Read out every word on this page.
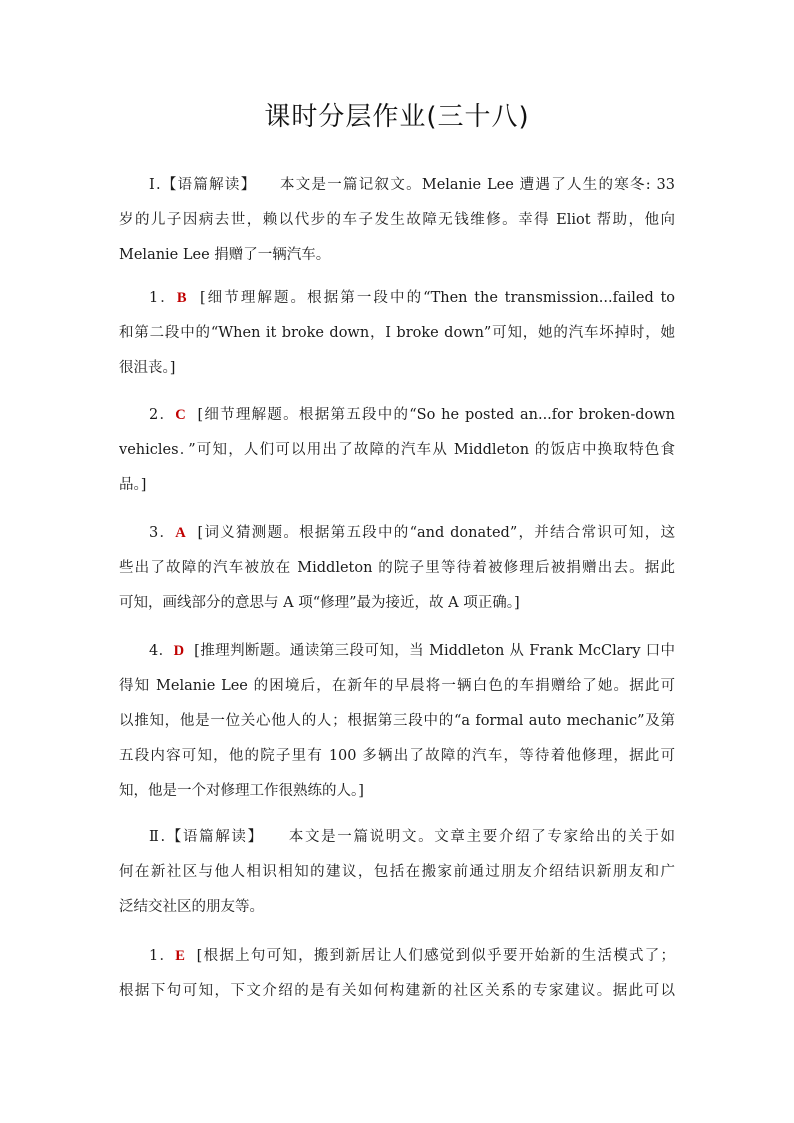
课时分层作业(三十八)
Ⅰ.【语篇解读】 本文是一篇记叙文。Melanie Lee 遭遇了人生的寒冬: 33
岁的儿子因病去世，赖以代步的车子发生故障无钱维修。幸得 Eliot 帮助，他向
Melanie Lee 捐赠了一辆汽车。
1．B [细节理解题。根据第一段中的“Then the transmission...failed to
和第二段中的“When it broke down，I broke down”可知，她的汽车坏掉时，她
很沮丧。]
2．C [细节理解题。根据第五段中的“So he posted an...for broken-down
vehicles．”可知，人们可以用出了故障的汽车从 Middleton 的饭店中换取特色食
品。]
3．A [词义猜测题。根据第五段中的“and donated”，并结合常识可知，这
些出了故障的汽车被放在 Middleton 的院子里等待着被修理后被捐赠出去。据此
可知，画线部分的意思与 A 项“修理”最为接近，故 A 项正确。]
4．D [推理判断题。通读第三段可知，当 Middleton 从 Frank McClary 口中
得知 Melanie Lee 的困境后，在新年的早晨将一辆白色的车捐赠给了她。据此可
以推知，他是一位关心他人的人；根据第三段中的“a formal auto mechanic”及第
五段内容可知，他的院子里有 100 多辆出了故障的汽车，等待着他修理，据此可
知，他是一个对修理工作很熟练的人。]
Ⅱ.【语篇解读】 本文是一篇说明文。文章主要介绍了专家给出的关于如
何在新社区与他人相识相知的建议，包括在搬家前通过朋友介绍结识新朋友和广
泛结交社区的朋友等。
1．E [根据上句可知，搬到新居让人们感觉到似乎要开始新的生活模式了；
根据下句可知，下文介绍的是有关如何构建新的社区关系的专家建议。据此可以
